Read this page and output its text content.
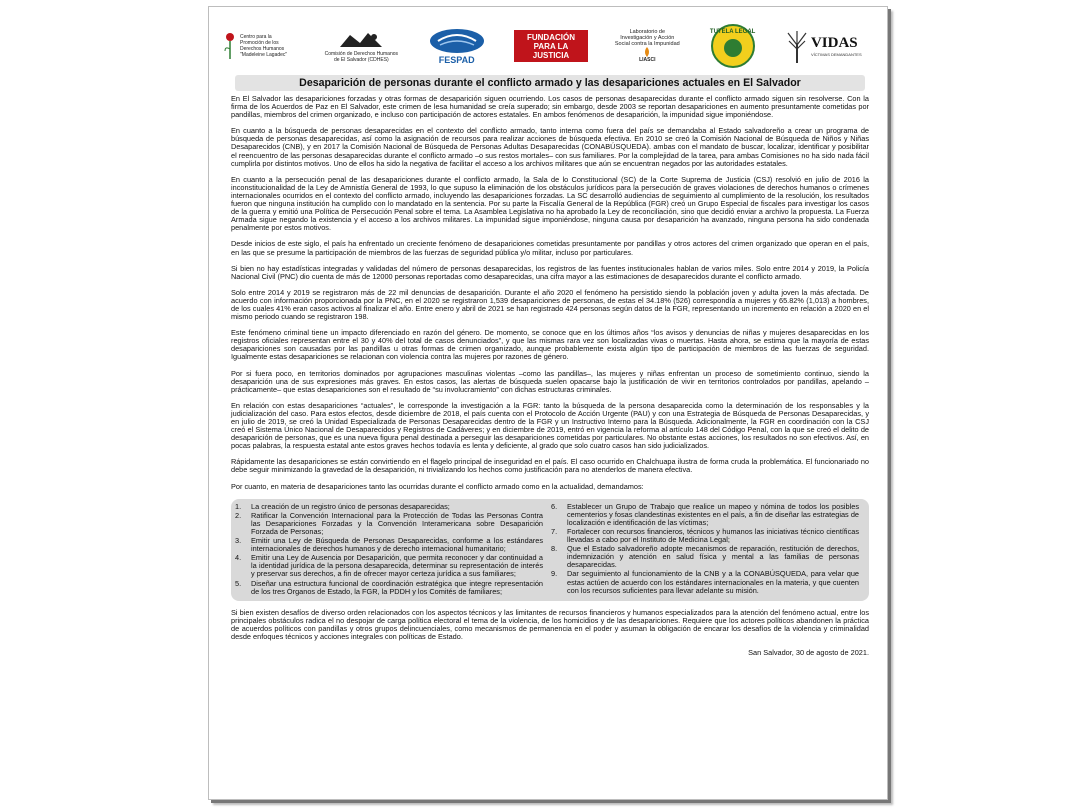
Centro para la Promoción de los Derechos Humanos "Madeleine Lagadec"	Comisión de Derechos Humanos de El Salvador (CDHES)	FESPAD
FUNDACIÓN PARA LA JUSTICIA
Laboratorio de Investigación y Acción Social contra la Impunidad
LIASCI
TUTELA LEGAL
VIDAS
VÍCTIMAS DEMANDANTES
Desaparición de personas durante el conflicto armado y las desapariciones actuales en El Salvador

En El Salvador las desapariciones forzadas y otras formas de desaparición siguen ocurriendo. Los casos de personas desaparecidas durante el conflicto armado siguen sin resolverse. Con la firma de los Acuerdos de Paz en El Salvador, este crimen de lesa humanidad se creía superado; sin embargo, desde 2003 se reportan desapariciones en aumento presuntamente cometidas por pandillas, miembros del crimen organizado, e incluso con participación de actores estatales. En ambos fenómenos de desaparición, la impunidad sigue imponiéndose.

En cuanto a la búsqueda de personas desaparecidas en el contexto del conflicto armado, tanto interna como fuera del país se demandaba al Estado salvadoreño a crear un programa de búsqueda de personas desaparecidas, así como la asignación de recursos para realizar acciones de búsqueda efectiva. En 2010 se creó la Comisión Nacional de Búsqueda de Niños y Niñas Desaparecidos (CNB), y en 2017 la Comisión Nacional de Búsqueda de Personas Adultas Desaparecidas (CONABÚSQUEDA). ambas con el mandato de buscar, localizar, identificar y posibilitar el reencuentro de las personas desaparecidas durante el conflicto armado –o sus restos mortales– con sus familiares. Por la complejidad de la tarea, para ambas Comisiones no ha sido nada fácil cumplirla por distintos motivos. Uno de ellos ha sido la negativa de facilitar el acceso a los archivos militares que aún se encuentran negados por las autoridades estatales.

En cuanto a la persecución penal de las desapariciones durante el conflicto armado, la Sala de lo Constitucional (SC) de la Corte Suprema de Justicia (CSJ) resolvió en julio de 2016 la inconstitucionalidad de la Ley de Amnistía General de 1993, lo que supuso la eliminación de los obstáculos jurídicos para la persecución de graves violaciones de derechos humanos o crímenes internacionales ocurridos en el contexto del conflicto armado, incluyendo las desapariciones forzadas. La SC desarrolló audiencias de seguimiento al cumplimiento de la resolución, los resultados fueron que ninguna institución ha cumplido con lo mandatado en la sentencia. Por su parte la Fiscalía General de la República (FGR) creó un Grupo Especial de fiscales para investigar los casos de la guerra y emitió una Política de Persecución Penal sobre el tema. La Asamblea Legislativa no ha aprobado la Ley de reconciliación, sino que decidió enviar a archivo la propuesta. La Fuerza Armada sigue negando la existencia y el acceso a los archivos militares. La impunidad sigue imponiéndose, ninguna causa por desaparición ha avanzado, ninguna persona ha sido condenada penalmente por estos motivos.

Desde inicios de este siglo, el país ha enfrentado un creciente fenómeno de desapariciones cometidas presuntamente por pandillas y otros actores del crimen organizado que operan en el país, en las que se presume la participación de miembros de las fuerzas de seguridad pública y/o militar, incluso por particulares.

Si bien no hay estadísticas integradas y validadas del número de personas desaparecidas, los registros de las fuentes institucionales hablan de varios miles. Solo entre 2014 y 2019, la Policía Nacional Civil (PNC) dio cuenta de más de 12000 personas reportadas como desaparecidas, una cifra mayor a las estimaciones de desaparecidos durante el conflicto armado.

Solo entre 2014 y 2019 se registraron más de 22 mil denuncias de desaparición. Durante el año 2020 el fenómeno ha persistido siendo la población joven y adulta joven la más afectada. De acuerdo con información proporcionada por la PNC, en el 2020 se registraron 1,539 desapariciones de personas, de estas el 34.18% (526) correspondía a mujeres y 65.82% (1,013) a hombres, de los cuales 41% eran casos activos al finalizar el año. Entre enero y abril de 2021 se han registrado 424 personas según datos de la FGR, representando un incremento en relación a 2020 en el mismo periodo cuando se registraron 198.

Este fenómeno criminal tiene un impacto diferenciado en razón del género. De momento, se conoce que en los últimos años “los avisos y denuncias de niñas y mujeres desaparecidas en los registros oficiales representan entre el 30 y 40% del total de casos denunciados”, y que las mismas rara vez son localizadas vivas o muertas. Hasta ahora, se estima que la mayoría de estas desapariciones son causadas por las pandillas u otras formas de crimen organizado, aunque probablemente exista algún tipo de participación de miembros de las fuerzas de seguridad. Igualmente estas desapariciones se relacionan con violencia contra las mujeres por razones de género.

Por si fuera poco, en territorios dominados por agrupaciones masculinas violentas –como las pandillas–, las mujeres y niñas enfrentan un proceso de sometimiento continuo, siendo la desaparición una de sus expresiones más graves. En estos casos, las alertas de búsqueda suelen opacarse bajo la justificación de vivir en territorios controlados por pandillas, apelando –prácticamente– que estas desapariciones son el resultado de “su involucramiento” con dichas estructuras criminales.

En relación con estas desapariciones “actuales”, le corresponde la investigación a la FGR: tanto la búsqueda de la persona desaparecida como la determinación de los responsables y la judicialización del caso. Para estos efectos, desde diciembre de 2018, el país cuenta con el Protocolo de Acción Urgente (PAU) y con una Estrategia de Búsqueda de Personas Desaparecidas, y en julio de 2019, se creó la Unidad Especializada de Personas Desaparecidas dentro de la FGR y un Instructivo Interno para la Búsqueda. Adicionalmente, la FGR en coordinación con la CSJ creó el Sistema Único Nacional de Desaparecidos y Registros de Cadáveres; y en diciembre de 2019, entró en vigencia la reforma al artículo 148 del Código Penal, con la que se creó el delito de desaparición de personas, que es una nueva figura penal destinada a perseguir las desapariciones cometidas por particulares. No obstante estas acciones, los resultados no son efectivos. Así, en pocas palabras, la respuesta estatal ante estos graves hechos todavía es lenta y deficiente, al grado que solo cuatro casos han sido judicializados.

Rápidamente las desapariciones se están convirtiendo en el flagelo principal de inseguridad en el país. El caso ocurrido en Chalchuapa ilustra de forma cruda la problemática. El funcionariado no debe seguir minimizando la gravedad de la desaparición, ni trivializando los hechos como justificación para no atenderlos de manera efectiva.

Por cuanto, en materia de desapariciones tanto las ocurridas durante el conflicto armado como en la actualidad, demandamos:

1.	La creación de un registro único de personas desaparecidas;
2.	Ratificar la Convención Internacional para la Protección de Todas las Personas Contra las Desapariciones Forzadas y la Convención Interamericana sobre Desaparición Forzada de Personas;
3.	Emitir una Ley de Búsqueda de Personas Desaparecidas, conforme a los estándares internacionales de derechos humanos y de derecho internacional humanitario;
4.	Emitir una Ley de Ausencia por Desaparición, que permita reconocer y dar continuidad a la identidad jurídica de la persona desaparecida, determinar su representación de interés y preservar sus derechos, a fin de ofrecer mayor certeza jurídica a sus familiares;
5.	Diseñar una estructura funcional de coordinación estratégica que integre representación de los tres Órganos de Estado, la FGR, la PDDH y los Comités de familiares;
6.	Establecer un Grupo de Trabajo que realice un mapeo y nómina de todos los posibles cementerios y fosas clandestinas existentes en el país, a fin de diseñar las estrategias de localización e identificación de las víctimas;
7.	Fortalecer con recursos financieros, técnicos y humanos las iniciativas técnico científicas llevadas a cabo por el Instituto de Medicina Legal;
8.	Que el Estado salvadoreño adopte mecanismos de reparación, restitución de derechos, indemnización y atención en salud física y mental a las familias de personas desaparecidas.
9.	Dar seguimiento al funcionamiento de la CNB y a la CONABÚSQUEDA, para velar que estas actúen de acuerdo con los estándares internacionales en la materia, y que cuenten con los recursos suficientes para llevar adelante su misión.

Si bien existen desafíos de diverso orden relacionados con los aspectos técnicos y las limitantes de recursos financieros y humanos especializados para la atención del fenómeno actual, entre los principales obstáculos radica el no despojar de carga política electoral el tema de la violencia, de los homicidios y de las desapariciones. Requiere que los actores políticos abandonen la práctica de acuerdos políticos con pandillas y otros grupos delincuenciales, como mecanismos de permanencia en el poder y asuman la obligación de encarar los desafíos de la violencia y criminalidad desde enfoques técnicos y acciones integrales con políticas de Estado.

San Salvador, 30 de agosto de 2021.
